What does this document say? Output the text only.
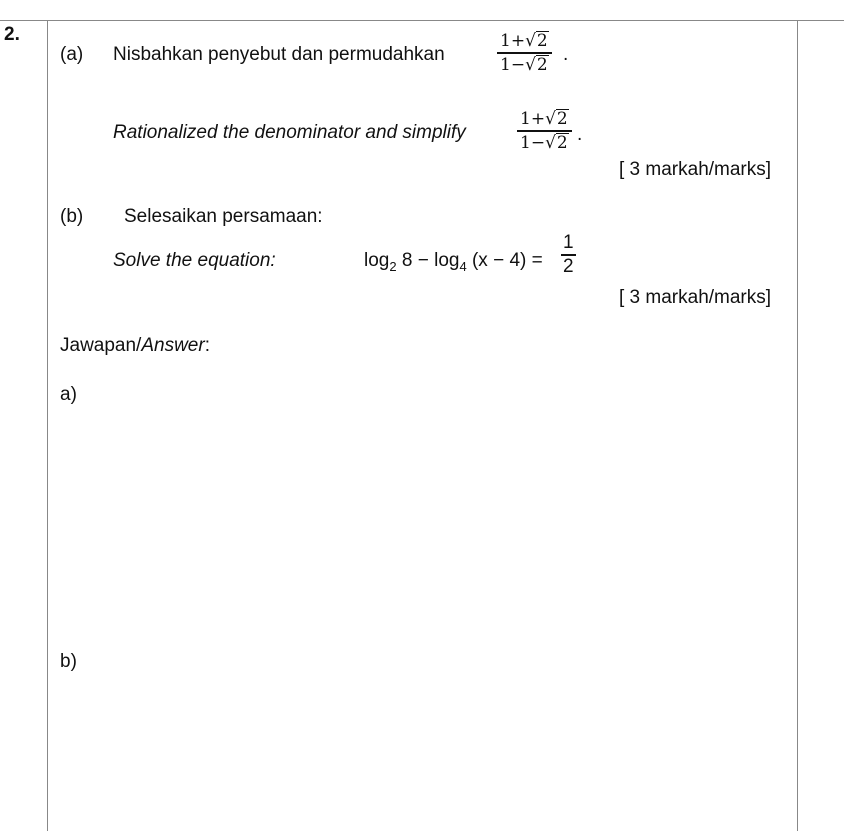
2.
(a) Nisbahkan penyebut dan permudahkan
1+√2
1−√2 .
Rationalized the denominator and simplify
1+√2
1−√2 .
[ 3 markah/marks]
(b) Selesaikan persamaan:
Solve the equation:	$\log_2 8 - \log_4 (x - 4)$ =
1
2
[ 3 markah/marks]
Jawapan/Answer:
a)
b)
